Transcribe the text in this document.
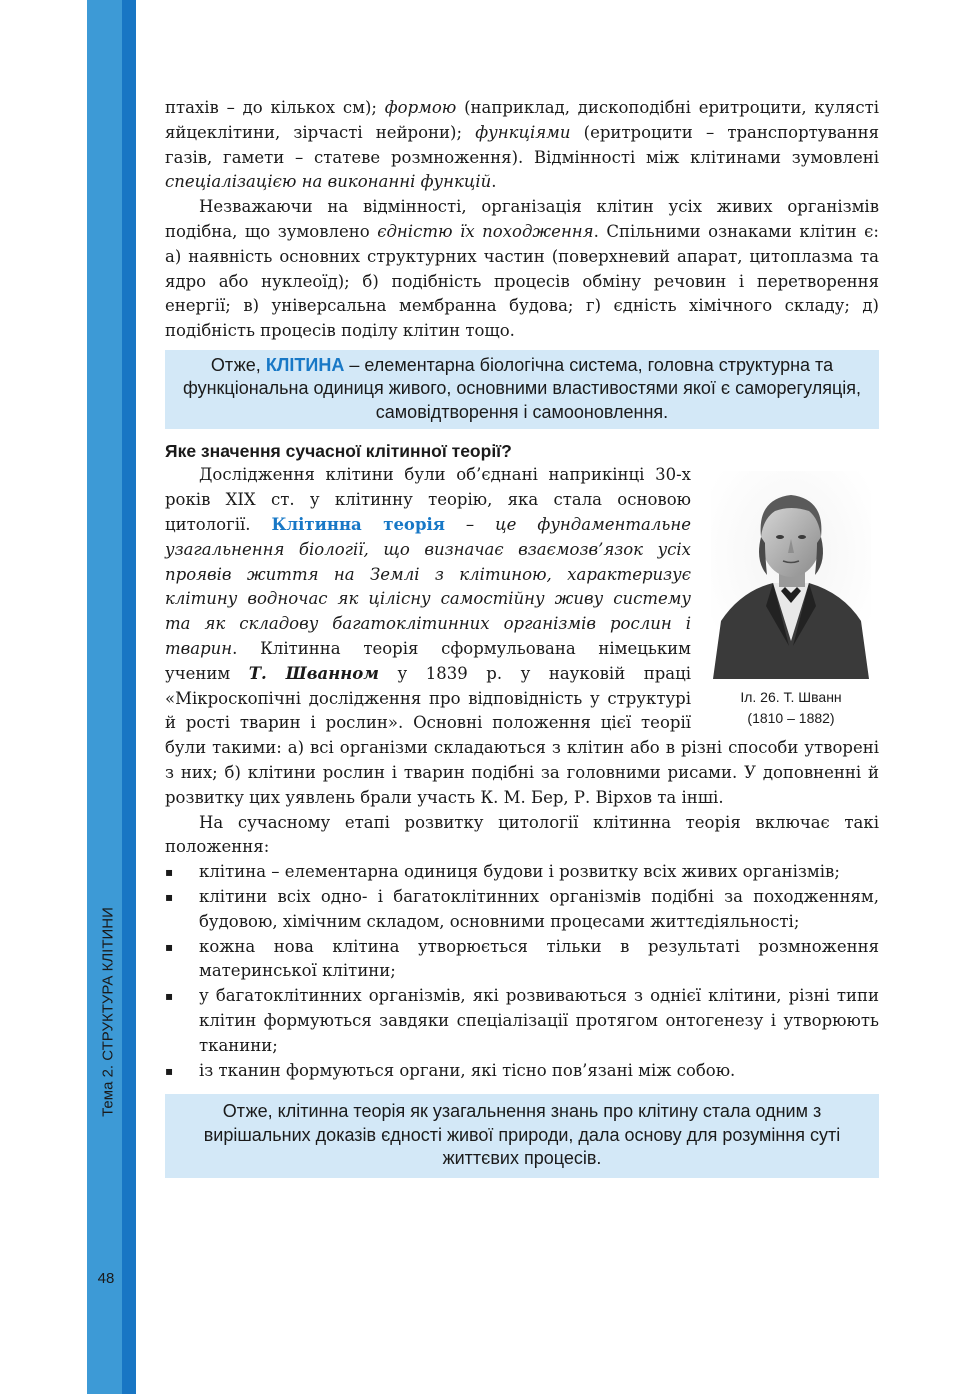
Тема 2. СТРУКТУРА КЛІТИНИ
48

птахів – до кількох см); формою (наприклад, дископодібні еритроцити, кулясті яйцеклітини, зірчасті нейрони); функціями (еритроцити – транспортування газів, гамети – статеве розмноження). Відмінності між клітинами зумовлені спеціалізацією на виконанні функцій.

Незважаючи на відмінності, організація клітин усіх живих організмів подібна, що зумовлено єдністю їх походження. Спільними ознаками клітин є: а) наявність основних структурних частин (поверхневий апарат, цитоплазма та ядро або нуклеоїд); б) подібність процесів обміну речовин і перетворення енергії; в) універсальна мембранна будова; г) єдність хімічного складу; д) подібність процесів поділу клітин тощо.

Отже, КЛІТИНА – елементарна біологічна система, головна структурна та функціональна одиниця живого, основними властивостями якої є саморегуляція, самовідтворення і самооновлення.
Яке значення сучасної клітинної теорії?
Іл. 26. Т. Шванн
(1810 – 1882)

Дослідження клітини були об’єднані наприкінці 30-х років XIX ст. у клітинну теорію, яка стала основою цитології. Клітинна теорія – це фундаментальне узагальнення біології, що визначає взаємозв’язок усіх проявів життя на Землі з клітиною, характеризує клітину водночас як цілісну самостійну живу систему та як складову багатоклітинних організмів рослин і тварин. Клітинна теорія сформульована німецьким ученим Т. Шванном у 1839 р. у науковій праці «Мікроскопічні дослідження про відповідність у структурі й рості тварин і рослин». Основні положення цієї теорії були такими: а) всі організми складаються з клітин або в різні способи утворені з них; б) клітини рослин і тварин подібні за головними рисами. У доповненні й розвитку цих уявлень брали участь К. М. Бер, Р. Вірхов та інші.

На сучасному етапі розвитку цитології клітинна теорія включає такі положення:

▪ клітина – елементарна одиниця будови і розвитку всіх живих організмів;
▪ клітини всіх одно- і багатоклітинних організмів подібні за походженням, будовою, хімічним складом, основними процесами життєдіяльності;
▪ кожна нова клітина утворюється тільки в результаті розмноження материнської клітини;
▪ у багатоклітинних організмів, які розвиваються з однієї клітини, різні типи клітин формуються завдяки спеціалізації протягом онтогенезу і утворюють тканини;
▪ із тканин формуються органи, які тісно пов’язані між собою.
Отже, клітинна теорія як узагальнення знань про клітину стала одним з вирішальних доказів єдності живої природи, дала основу для розуміння суті життєвих процесів.
